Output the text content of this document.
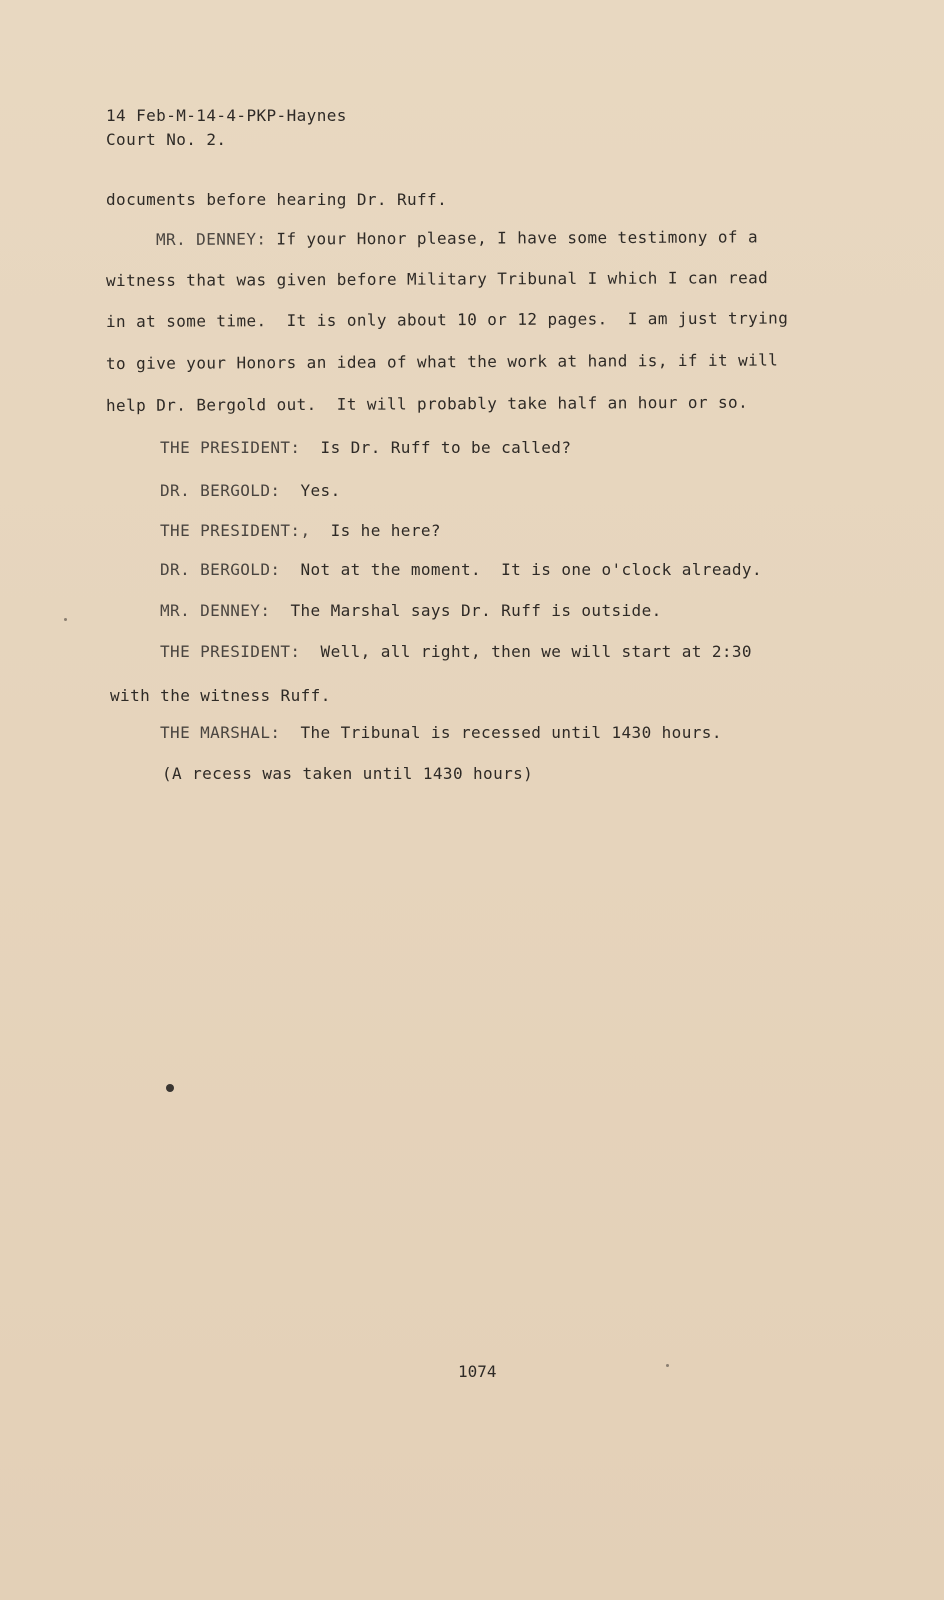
14 Feb-M-14-4-PKP-Haynes
Court No. 2.
documents before hearing Dr. Ruff.
MR. DENNEY: If your Honor please, I have some testimony of a
witness that was given before Military Tribunal I which I can read
in at some time.  It is only about 10 or 12 pages.  I am just trying
to give your Honors an idea of what the work at hand is, if it will
help Dr. Bergold out.  It will probably take half an hour or so.
THE PRESIDENT:  Is Dr. Ruff to be called?
DR. BERGOLD:  Yes.
THE PRESIDENT:,  Is he here?
DR. BERGOLD:  Not at the moment.  It is one o'clock already.
MR. DENNEY:  The Marshal says Dr. Ruff is outside.
THE PRESIDENT:  Well, all right, then we will start at 2:30
with the witness Ruff.
THE MARSHAL:  The Tribunal is recessed until 1430 hours.
(A recess was taken until 1430 hours)
1074
